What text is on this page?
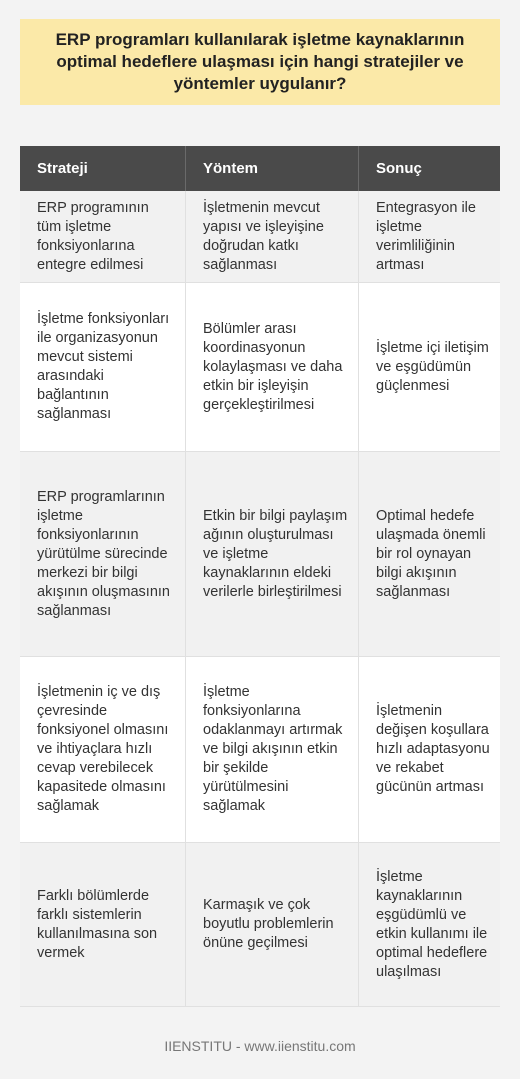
ERP programları kullanılarak işletme kaynaklarının optimal hedeflere ulaşması için hangi stratejiler ve yöntemler uygulanır?
Strateji	Yöntem	Sonuç
ERP programının tüm işletme fonksiyonlarına entegre edilmesi
İşletmenin mevcut yapısı ve işleyişine doğrudan katkı sağlanması
Entegrasyon ile işletme verimliliğinin artması
İşletme fonksiyonları ile organizasyonun mevcut sistemi arasındaki bağlantının sağlanması
Bölümler arası koordinasyonun kolaylaşması ve daha etkin bir işleyişin gerçekleştirilmesi
İşletme içi iletişim ve eşgüdümün güçlenmesi
ERP programlarının işletme fonksiyonlarının yürütülme sürecinde merkezi bir bilgi akışının oluşmasının sağlanması
Etkin bir bilgi paylaşım ağının oluşturulması ve işletme kaynaklarının eldeki verilerle birleştirilmesi
Optimal hedefe ulaşmada önemli bir rol oynayan bilgi akışının sağlanması
İşletmenin iç ve dış çevresinde fonksiyonel olmasını ve ihtiyaçlara hızlı cevap verebilecek kapasitede olmasını sağlamak
İşletme fonksiyonlarına odaklanmayı artırmak ve bilgi akışının etkin bir şekilde yürütülmesini sağlamak
İşletmenin değişen koşullara hızlı adaptasyonu ve rekabet gücünün artması
Farklı bölümlerde farklı sistemlerin kullanılmasına son vermek
Karmaşık ve çok boyutlu problemlerin önüne geçilmesi
İşletme kaynaklarının eşgüdümlü ve etkin kullanımı ile optimal hedeflere ulaşılması
IIENSTITU - www.iienstitu.com
